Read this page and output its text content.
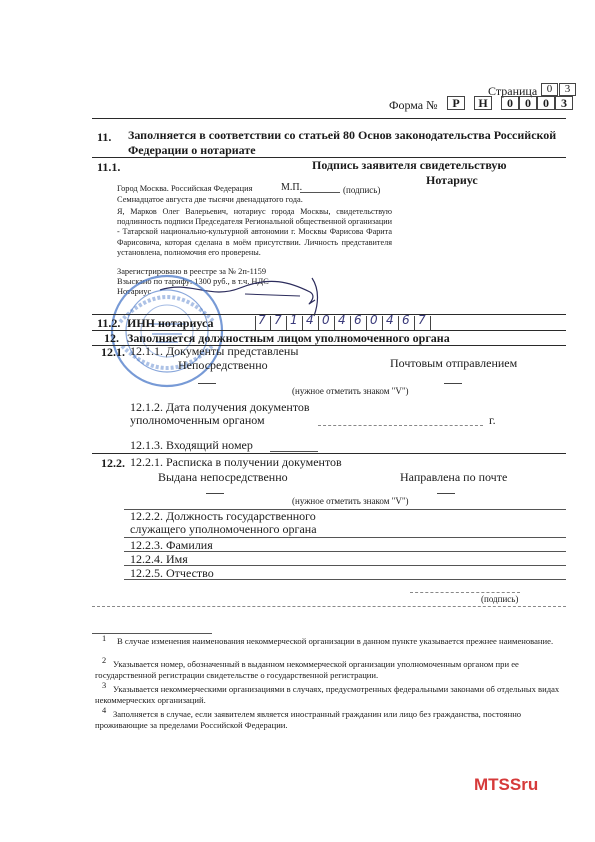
Страница 0	3
Форма №	Р	Н	0	0	0	3
11. Заполняется в соответствии со статьей 80 Основ законодательства Российской
Федерации о нотариате
11.1.	Подпись заявителя свидетельствую
Нотариус
Город Москва. Российская Федерация	М.П.	(подпись)
Семнадцатое августа две тысячи двенадцатого года.
Я, Марков Олег Валерьевич, нотариус города Москвы, свидетельствую подлинность подписи Председателя Региональной общественной организации - Татарской национально-культурной автономии г. Москвы Фарисова Фарита Фарисовича, которая сделана в моём присутствии. Личность представителя установлена, полномочия его проверены.
Зарегистрировано в реестре за № 2п-1159
Взыскано по тарифу: 1300 руб., в т.ч. НДС
Нотариус
11.2. ИНН нотариуса	7 7 1 4 0 4 6 0 4 6 7
12. Заполняется должностным лицом уполномоченного органа
12.1. 12.1.1. Документы представлены
Непосредственно	Почтовым отправлением
(нужное отметить знаком "V")
12.1.2. Дата получения документов
уполномоченным органом	г.
12.1.3. Входящий номер
12.2. 12.2.1. Расписка в получении документов
Выдана непосредственно	Направлена по почте
(нужное отметить знаком "V")
12.2.2. Должность государственного
служащего уполномоченного органа
12.2.3. Фамилия
12.2.4. Имя
12.2.5. Отчество
(подпись)
1	В случае изменения наименования некоммерческой организации в данном пункте указывается прежнее наименование.
2 Указывается номер, обозначенный в выданном некоммерческой организации уполномоченным органом при ее государственной регистрации свидетельстве о государственной регистрации.
3 Указывается некоммерческими организациями в случаях, предусмотренных федеральными законами об отдельных видах некоммерческих организаций.
4 Заполняется в случае, если заявителем является иностранный гражданин или лицо без гражданства, постоянно проживающие за пределами Российской Федерации.
MTSSru
